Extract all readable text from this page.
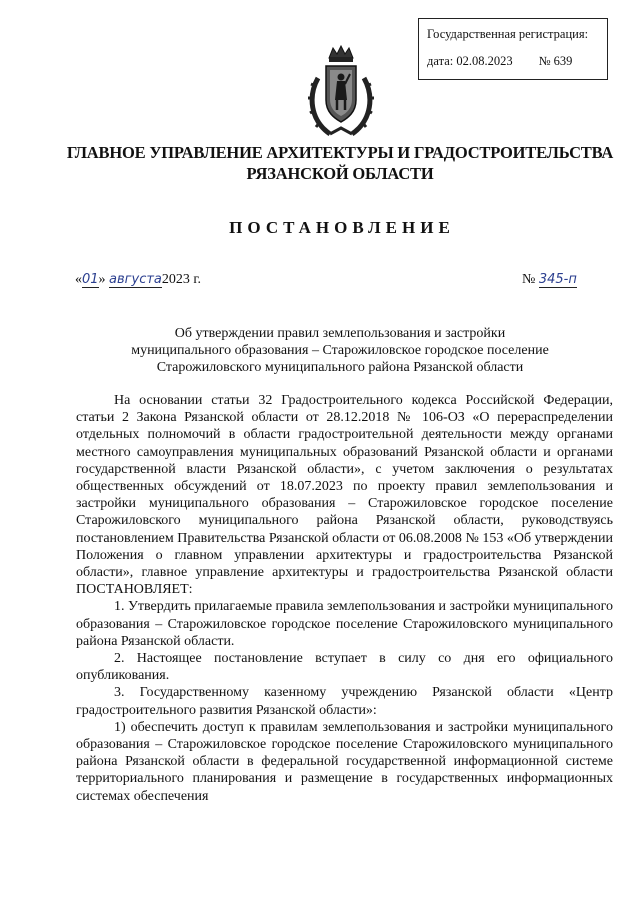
Государственная регистрация:
дата: 02.08.2023 № 639
ГЛАВНОЕ УПРАВЛЕНИЕ АРХИТЕКТУРЫ И ГРАДОСТРОИТЕЛЬСТВА
РЯЗАНСКОЙ ОБЛАСТИ
ПОСТАНОВЛЕНИЕ
«01» августа2023 г.	№ 345-п
Об утверждении правил землепользования и застройки
муниципального образования – Старожиловское городское поселение
Старожиловского муниципального района Рязанской области

На основании статьи 32 Градостроительного кодекса Российской Федерации, статьи 2 Закона Рязанской области от 28.12.2018 № 106-ОЗ «О перераспределении отдельных полномочий в области градостроительной деятельности между органами местного самоуправления муниципальных образований Рязанской области и органами государственной власти Рязанской области», с учетом заключения о результатах общественных обсуждений от 18.07.2023 по проекту правил землепользования и застройки муниципального образования – Старожиловское городское поселение Старожиловского муниципального района Рязанской области, руководствуясь постановлением Правительства Рязанской области от 06.08.2008 № 153 «Об утверждении Положения о главном управлении архитектуры и градостроительства Рязанской области», главное управление архитектуры и градостроительства Рязанской области ПОСТАНОВЛЯЕТ:

1. Утвердить прилагаемые правила землепользования и застройки муниципального образования – Старожиловское городское поселение Старожиловского муниципального района Рязанской области.

2. Настоящее постановление вступает в силу со дня его официального опубликования.

3. Государственному казенному учреждению Рязанской области «Центр градостроительного развития Рязанской области»:

1) обеспечить доступ к правилам землепользования и застройки муниципального образования – Старожиловское городское поселение Старожиловского муниципального района Рязанской области в федеральной государственной информационной системе территориального планирования и размещение в государственных информационных системах обеспечения
